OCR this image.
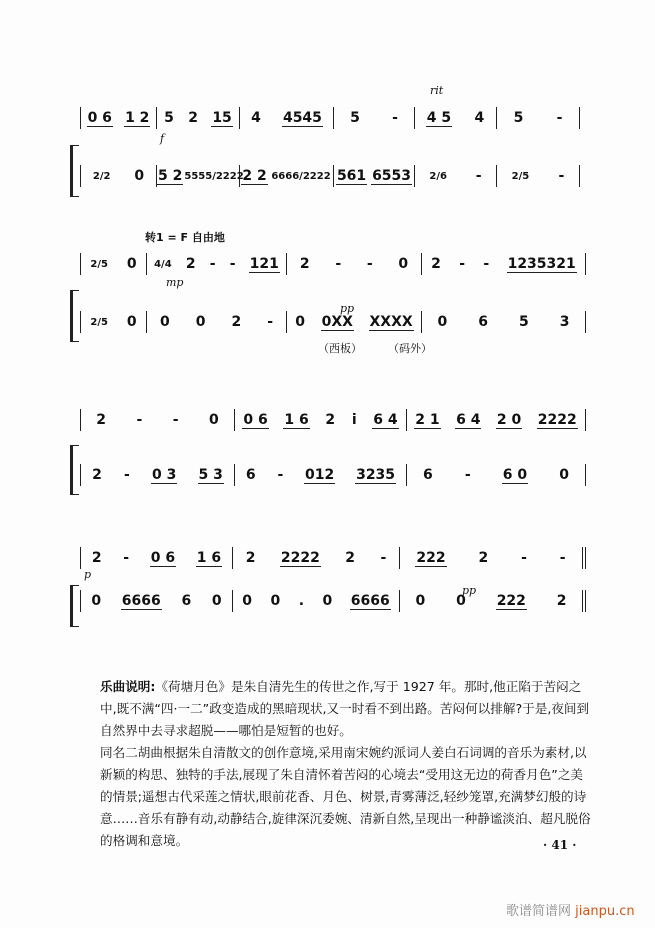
0 6 1 2 5 2 15 4 4545 5 - 4 5 4 5 -
2/2 0 5 2 5555/2222
2 2 6666/2222 561 6553 2/6 -	2/5 -
f
rit
转1 = F 自由地
2/5 0 4/4 2 - - 121 2 - - 0 2 - - 1235321
2/5 0 0 0 2 - 0 0XX XXXX 0 6 5 3
mp
pp
（西板） （码外）
2 - - 0 0 6 1 6 2 i 6 4 2 1 6 4 2 0 2222
2 - 0 3 5 3 6 - 012 3235 6 - 6 0 0
2 - 0 6 1 6 2 2222 2 - 222 2 - -
0 6666 6 0 0 0 . 0 6666 0 0 222 2
p
pp

乐曲说明:《荷塘月色》是朱自清先生的传世之作,写于 1927 年。那时,他正陷于苦闷之中,既不满“四·一二”政变造成的黑暗现状,又一时看不到出路。苦闷何以排解?于是,夜间到自然界中去寻求超脱——哪怕是短暂的也好。

同名二胡曲根据朱自清散文的创作意境,采用南宋婉约派词人姜白石词调的音乐为素材,以新颖的构思、独特的手法,展现了朱自清怀着苦闷的心境去“受用这无边的荷香月色”之美的情景;遥想古代采莲之情状,眼前花香、月色、树景,青雾薄泛,轻纱笼罩,充满梦幻般的诗意……音乐有静有动,动静结合,旋律深沉委婉、清新自然,呈现出一种静谧淡泊、超凡脱俗的格调和意境。	· 41 ·
歌谱简谱网 jianpu.cn
